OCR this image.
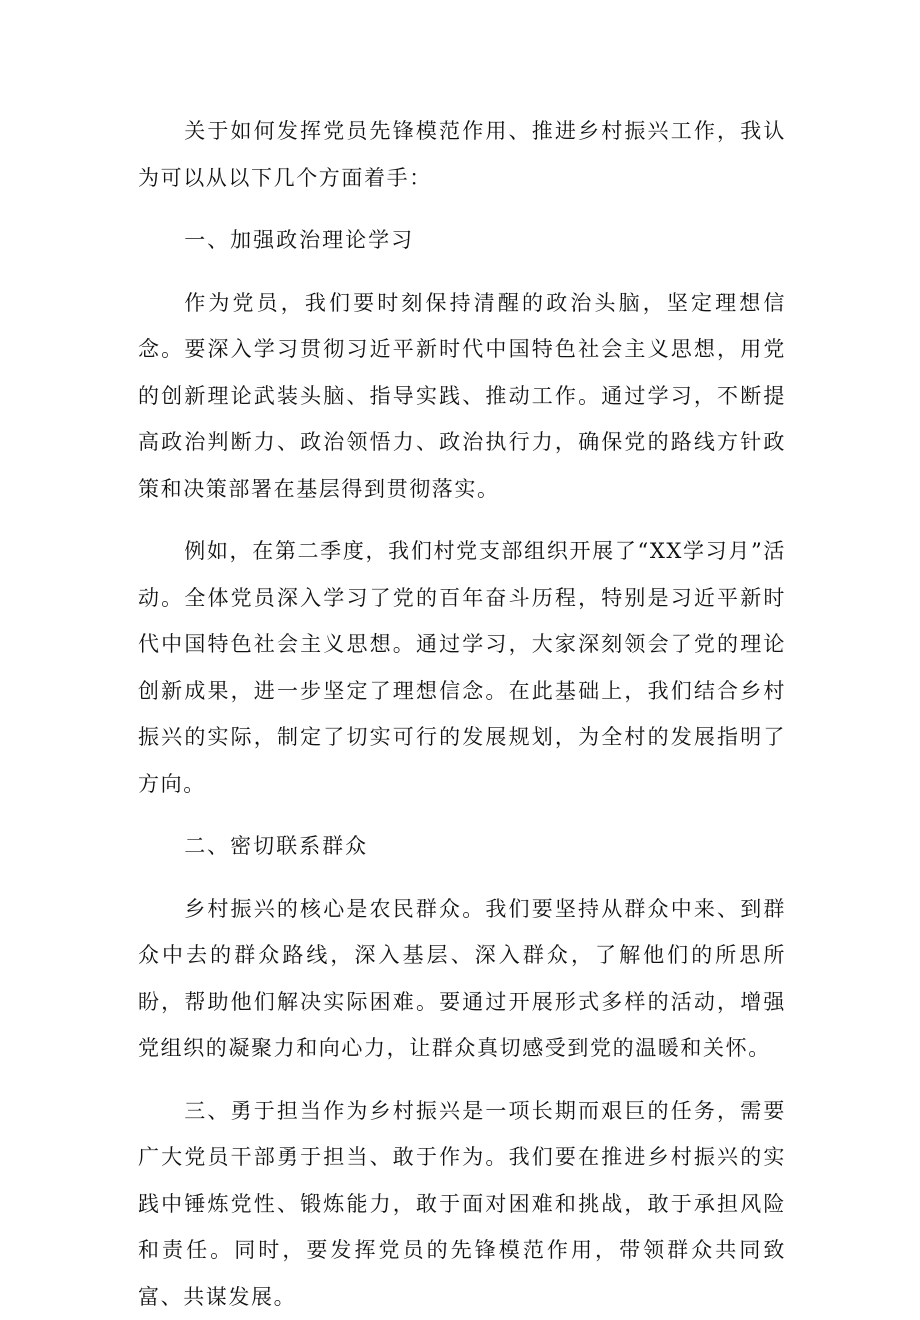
关于如何发挥党员先锋模范作用、推进乡村振兴工作，我认为可以从以下几个方面着手：

一、加强政治理论学习

作为党员，我们要时刻保持清醒的政治头脑，坚定理想信念。要深入学习贯彻习近平新时代中国特色社会主义思想，用党的创新理论武装头脑、指导实践、推动工作。通过学习，不断提高政治判断力、政治领悟力、政治执行力，确保党的路线方针政策和决策部署在基层得到贯彻落实。

例如，在第二季度，我们村党支部组织开展了“XX学习月”活动。全体党员深入学习了党的百年奋斗历程，特别是习近平新时代中国特色社会主义思想。通过学习，大家深刻领会了党的理论创新成果，进一步坚定了理想信念。在此基础上，我们结合乡村振兴的实际，制定了切实可行的发展规划，为全村的发展指明了方向。

二、密切联系群众

乡村振兴的核心是农民群众。我们要坚持从群众中来、到群众中去的群众路线，深入基层、深入群众，了解他们的所思所盼，帮助他们解决实际困难。要通过开展形式多样的活动，增强党组织的凝聚力和向心力，让群众真切感受到党的温暖和关怀。

三、勇于担当作为乡村振兴是一项长期而艰巨的任务，需要广大党员干部勇于担当、敢于作为。我们要在推进乡村振兴的实践中锤炼党性、锻炼能力，敢于面对困难和挑战，敢于承担风险和责任。同时，要发挥党员的先锋模范作用，带领群众共同致富、共谋发展。
